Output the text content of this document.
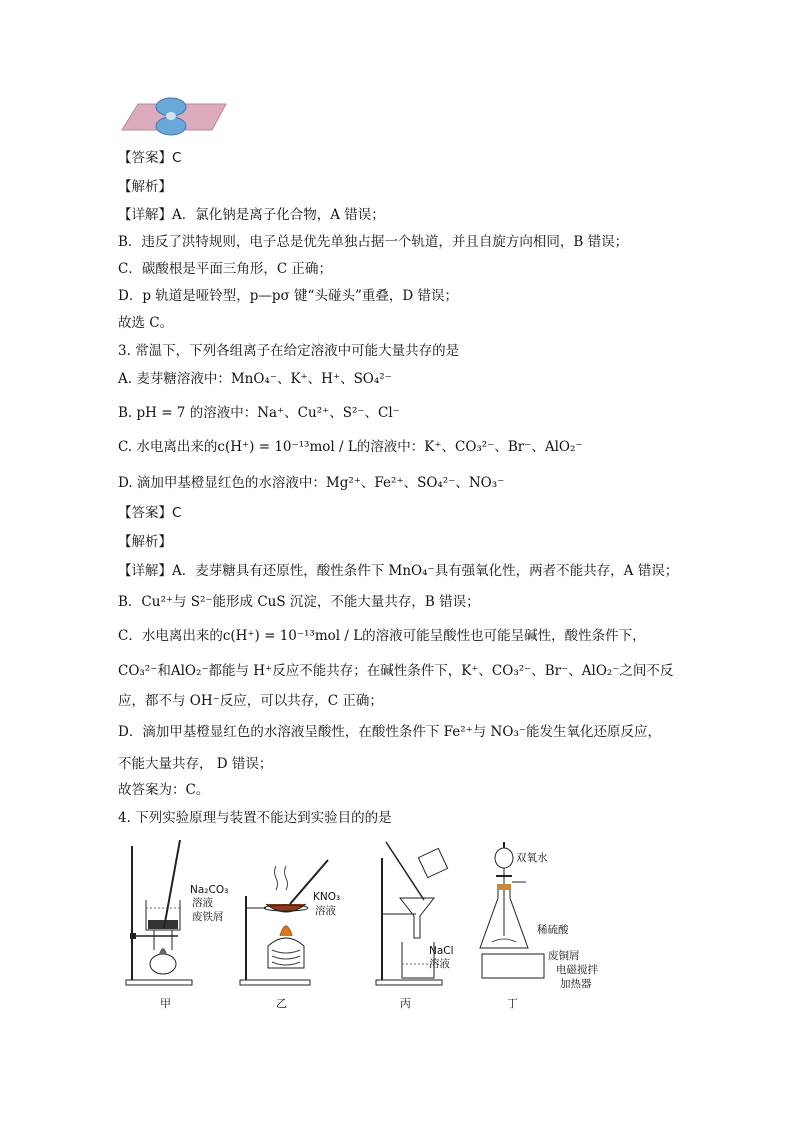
【答案】C
【解析】
【详解】A．氯化钠是离子化合物，A 错误；
B．违反了洪特规则，电子总是优先单独占据一个轨道，并且自旋方向相同，B 错误；
C．碳酸根是平面三角形，C 正确；
D．p 轨道是哑铃型，p—pσ 键“头碰头”重叠，D 错误；
故选 C。
3. 常温下，下列各组离子在给定溶液中可能大量共存的是
A. 麦芽糖溶液中：MnO₄⁻、K⁺、H⁺、SO₄²⁻
B. pH = 7 的溶液中：Na⁺、Cu²⁺、S²⁻、Cl⁻
C. 水电离出来的c(H⁺) = 10⁻¹³mol / L的溶液中：K⁺、CO₃²⁻、Br⁻、AlO₂⁻
D. 滴加甲基橙显红色的水溶液中：Mg²⁺、Fe²⁺、SO₄²⁻、NO₃⁻
【答案】C
【解析】
【详解】A．麦芽糖具有还原性，酸性条件下 MnO₄⁻具有强氧化性，两者不能共存，A 错误；
B．Cu²⁺与 S²⁻能形成 CuS 沉淀，不能大量共存，B 错误；
C．水电离出来的c(H⁺) = 10⁻¹³mol / L的溶液可能呈酸性也可能呈碱性，酸性条件下，
CO₃²⁻和AlO₂⁻都能与 H⁺反应不能共存；在碱性条件下，K⁺、CO₃²⁻、Br⁻、AlO₂⁻之间不反
应，都不与 OH⁻反应，可以共存，C 正确；
D．滴加甲基橙显红色的水溶液呈酸性，在酸性条件下 Fe²⁺与 NO₃⁻能发生氧化还原反应，
不能大量共存， D 错误；
故答案为：C。
4. 下列实验原理与装置不能达到实验目的的是
Na₂CO₃
溶液
废铁屑
甲
KNO₃
溶液
乙
NaCl
溶液
丙
双氧水
稀硫酸
废铜屑
电磁搅拌
加热器
丁
